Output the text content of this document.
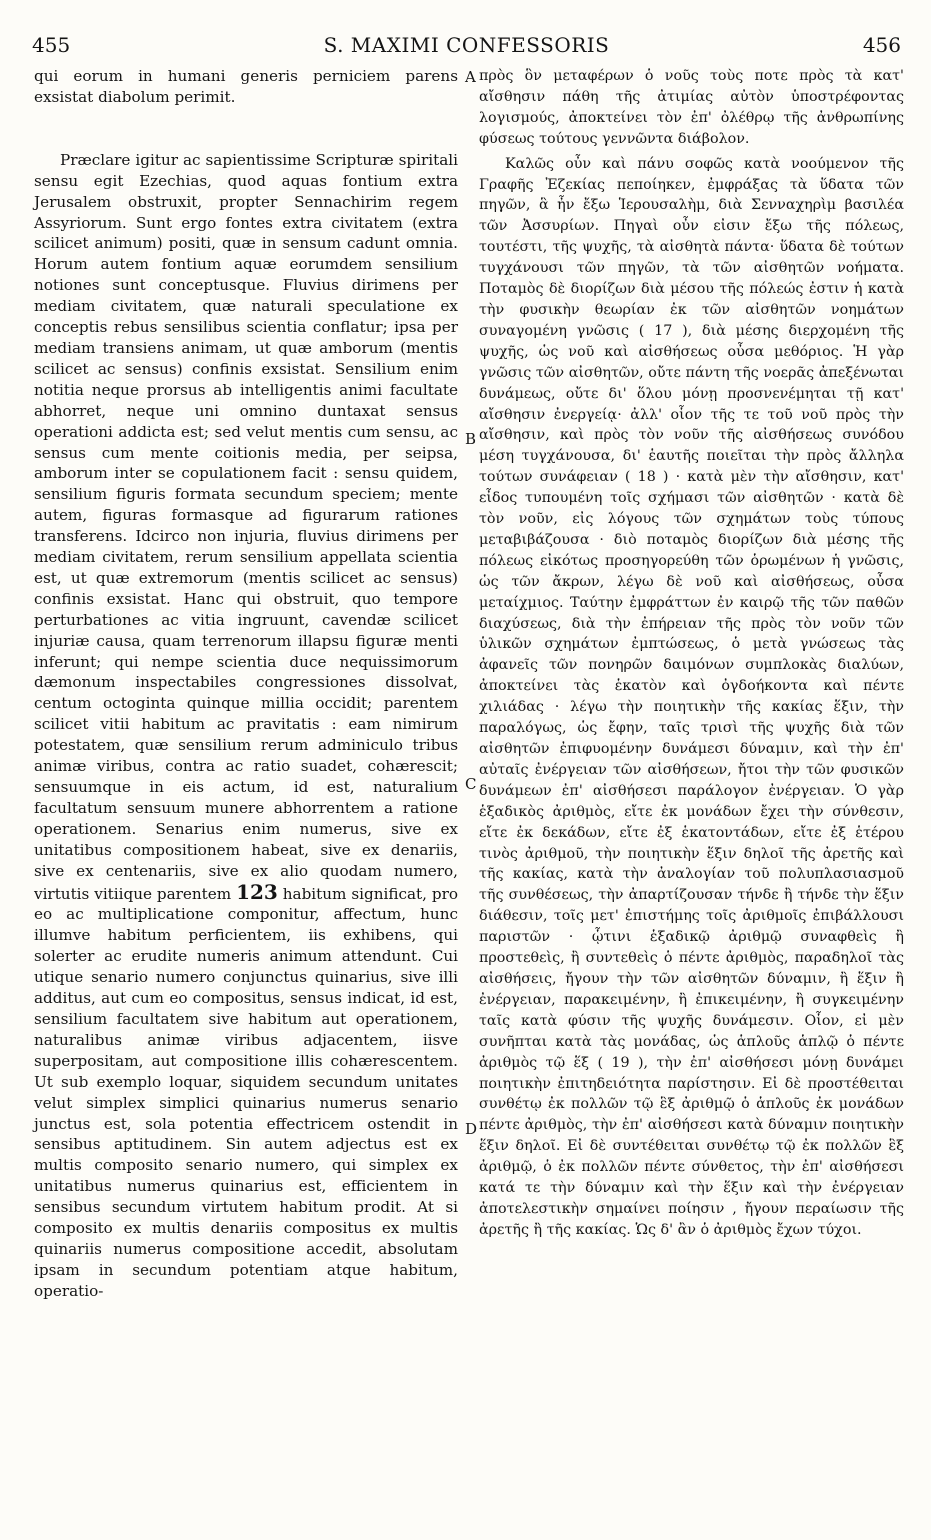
455	S. MAXIMI CONFESSORIS	456
A
B
C
D

qui eorum in humani generis perniciem parens exsistat diabolum perimit.

Præclare igitur ac sapientissime Scripturæ spiritali sensu egit Ezechias, quod aquas fontium extra Jerusalem obstruxit, propter Sennachirim regem Assyriorum. Sunt ergo fontes extra civitatem (extra scilicet animum) positi, quæ in sensum cadunt omnia. Horum autem fontium aquæ eorumdem sensilium notiones sunt conceptusque. Fluvius dirimens per mediam civitatem, quæ naturali speculatione ex conceptis rebus sensilibus scientia conflatur; ipsa per mediam transiens animam, ut quæ amborum (mentis scilicet ac sensus) confinis exsistat. Sensilium enim notitia neque prorsus ab intelligentis animi facultate abhorret, neque uni omnino duntaxat sensus operationi addicta est; sed velut mentis cum sensu, ac sensus cum mente coitionis media, per seipsa, amborum inter se copulationem facit : sensu quidem, sensilium figuris formata secundum speciem; mente autem, figuras formasque ad figurarum rationes transferens. Idcirco non injuria, fluvius dirimens per mediam civitatem, rerum sensilium appellata scientia est, ut quæ extremorum (mentis scilicet ac sensus) confinis exsistat. Hanc qui obstruit, quo tempore perturbationes ac vitia ingruunt, cavendæ scilicet injuriæ causa, quam terrenorum illapsu figuræ menti inferunt; qui nempe scientia duce nequissimorum dæmonum inspectabiles congressiones dissolvat, centum octoginta quinque millia occidit; parentem scilicet vitii habitum ac pravitatis : eam nimirum potestatem, quæ sensilium rerum adminiculo tribus animæ viribus, contra ac ratio suadet, cohærescit; sensuumque in eis actum, id est, naturalium facultatum sensuum munere abhorrentem a ratione operationem. Senarius enim numerus, sive ex unitatibus compositionem habeat, sive ex denariis, sive ex centenariis, sive ex alio quodam numero, virtutis vitiique parentem 123 habitum significat, pro eo ac multiplicatione componitur, affectum, hunc illumve habitum perficientem, iis exhibens, qui solerter ac erudite numeris animum attendunt. Cui utique senario numero conjunctus quinarius, sive illi additus, aut cum eo compositus, sensus indicat, id est, sensilium facultatem sive habitum aut operationem, naturalibus animæ viribus adjacentem, iisve superpositam, aut compositione illis cohærescentem. Ut sub exemplo loquar, siquidem secundum unitates velut simplex simplici quinarius numerus senario junctus est, sola potentia effectricem ostendit in sensibus aptitudinem. Sin autem adjectus est ex multis composito senario numero, qui simplex ex unitatibus numerus quinarius est, efficientem in sensibus secundum virtutem habitum prodit. At si composito ex multis denariis compositus ex multis quinariis numerus compositione accedit, absolutam ipsam in secundum potentiam atque habitum, operatio-

πρὸς ὃν μεταφέρων ὁ νοῦς τοὺς ποτε πρὸς τὰ κατ' αἴσθησιν πάθη τῆς ἀτιμίας αὐτὸν ὑποστρέφοντας λογισμούς, ἀποκτείνει τὸν ἐπ' ὀλέθρῳ τῆς ἀνθρωπίνης φύσεως τούτους γεννῶντα διάβολον.

Καλῶς οὖν καὶ πάνυ σοφῶς κατὰ νοούμενον τῆς Γραφῆς Ἐζεκίας πεποίηκεν, ἐμφράξας τὰ ὕδατα τῶν πηγῶν, ἃ ἦν ἔξω Ἱερουσαλὴμ, διὰ Σενναχηρὶμ βασιλέα τῶν Ἀσσυρίων. Πηγαὶ οὖν εἰσιν ἔξω τῆς πόλεως, τουτέστι, τῆς ψυχῆς, τὰ αἰσθητὰ πάντα· ὕδατα δὲ τούτων τυγχάνουσι τῶν πηγῶν, τὰ τῶν αἰσθητῶν νοήματα. Ποταμὸς δὲ διορίζων διὰ μέσου τῆς πόλεώς ἐστιν ἡ κατὰ τὴν φυσικὴν θεωρίαν ἐκ τῶν αἰσθητῶν νοημάτων συναγομένη γνῶσις ( 17 ), διὰ μέσης διερχομένη τῆς ψυχῆς, ὡς νοῦ καὶ αἰσθήσεως οὖσα μεθόριος. Ἡ γὰρ γνῶσις τῶν αἰσθητῶν, οὔτε πάντη τῆς νοερᾶς ἀπεξένωται δυνάμεως, οὔτε δι' ὅλου μόνῃ προσνενέμηται τῇ κατ' αἴσθησιν ἐνεργείᾳ· ἀλλ' οἷον τῆς τε τοῦ νοῦ πρὸς τὴν αἴσθησιν, καὶ πρὸς τὸν νοῦν τῆς αἰσθήσεως συνόδου μέση τυγχάνουσα, δι' ἑαυτῆς ποιεῖται τὴν πρὸς ἄλληλα τούτων συνάφειαν ( 18 ) · κατὰ μὲν τὴν αἴσθησιν, κατ' εἶδος τυπουμένη τοῖς σχήμασι τῶν αἰσθητῶν · κατὰ δὲ τὸν νοῦν, εἰς λόγους τῶν σχημάτων τοὺς τύπους μεταβιβάζουσα · διὸ ποταμὸς διορίζων διὰ μέσης τῆς πόλεως εἰκότως προσηγορεύθη τῶν ὁρωμένων ἡ γνῶσις, ὡς τῶν ἄκρων, λέγω δὲ νοῦ καὶ αἰσθήσεως, οὖσα μεταίχμιος. Ταύτην ἐμφράττων ἐν καιρῷ τῆς τῶν παθῶν διαχύσεως, διὰ τὴν ἐπήρειαν τῆς πρὸς τὸν νοῦν τῶν ὑλικῶν σχημάτων ἐμπτώσεως, ὁ μετὰ γνώσεως τὰς ἀφανεῖς τῶν πονηρῶν δαιμόνων συμπλοκὰς διαλύων, ἀποκτείνει τὰς ἑκατὸν καὶ ὀγδοήκοντα καὶ πέντε χιλιάδας · λέγω τὴν ποιητικὴν τῆς κακίας ἕξιν, τὴν παραλόγως, ὡς ἔφην, ταῖς τρισὶ τῆς ψυχῆς διὰ τῶν αἰσθητῶν ἐπιφυομένην δυνάμεσι δύναμιν, καὶ τὴν ἐπ' αὐταῖς ἐνέργειαν τῶν αἰσθήσεων, ἤτοι τὴν τῶν φυσικῶν δυνάμεων ἐπ' αἰσθήσεσι παράλογον ἐνέργειαν. Ὁ γὰρ ἑξαδικὸς ἀριθμὸς, εἴτε ἐκ μονάδων ἔχει τὴν σύνθεσιν, εἴτε ἐκ δεκάδων, εἴτε ἐξ ἑκατοντάδων, εἴτε ἐξ ἑτέρου τινὸς ἀριθμοῦ, τὴν ποιητικὴν ἕξιν δηλοῖ τῆς ἀρετῆς καὶ τῆς κακίας, κατὰ τὴν ἀναλογίαν τοῦ πολυπλασιασμοῦ τῆς συνθέσεως, τὴν ἀπαρτίζουσαν τήνδε ἢ τήνδε τὴν ἕξιν διάθεσιν, τοῖς μετ' ἐπιστήμης τοῖς ἀριθμοῖς ἐπιβάλλουσι παριστῶν · ᾧτινι ἑξαδικῷ ἀριθμῷ συναφθεὶς ἢ προστεθεὶς, ἢ συντεθεὶς ὁ πέντε ἀριθμὸς, παραδηλοῖ τὰς αἰσθήσεις, ἤγουν τὴν τῶν αἰσθητῶν δύναμιν, ἢ ἕξιν ἢ ἐνέργειαν, παρακειμένην, ἢ ἐπικειμένην, ἢ συγκειμένην ταῖς κατὰ φύσιν τῆς ψυχῆς δυνάμεσιν. Οἷον, εἰ μὲν συνῆπται κατὰ τὰς μονάδας, ὡς ἁπλοῦς ἁπλῷ ὁ πέντε ἀριθμὸς τῷ ἕξ ( 19 ), τὴν ἐπ' αἰσθήσεσι μόνῃ δυνάμει ποιητικὴν ἐπιτηδειότητα παρίστησιν. Εἰ δὲ προστέθειται συνθέτῳ ἐκ πολλῶν τῷ ἓξ ἀριθμῷ ὁ ἁπλοῦς ἐκ μονάδων πέντε ἀριθμὸς, τὴν ἐπ' αἰσθήσεσι κατὰ δύναμιν ποιητικὴν ἕξιν δηλοῖ. Εἰ δὲ συντέθειται συνθέτῳ τῷ ἐκ πολλῶν ἓξ ἀριθμῷ, ὁ ἐκ πολλῶν πέντε σύνθετος, τὴν ἐπ' αἰσθήσεσι κατά τε τὴν δύναμιν καὶ τὴν ἕξιν καὶ τὴν ἐνέργειαν ἀποτελεστικὴν σημαίνει ποίησιν , ἤγουν περαίωσιν τῆς ἀρετῆς ἢ τῆς κακίας. Ὡς δ' ἂν ὁ ἀριθμὸς ἔχων τύχοι.
